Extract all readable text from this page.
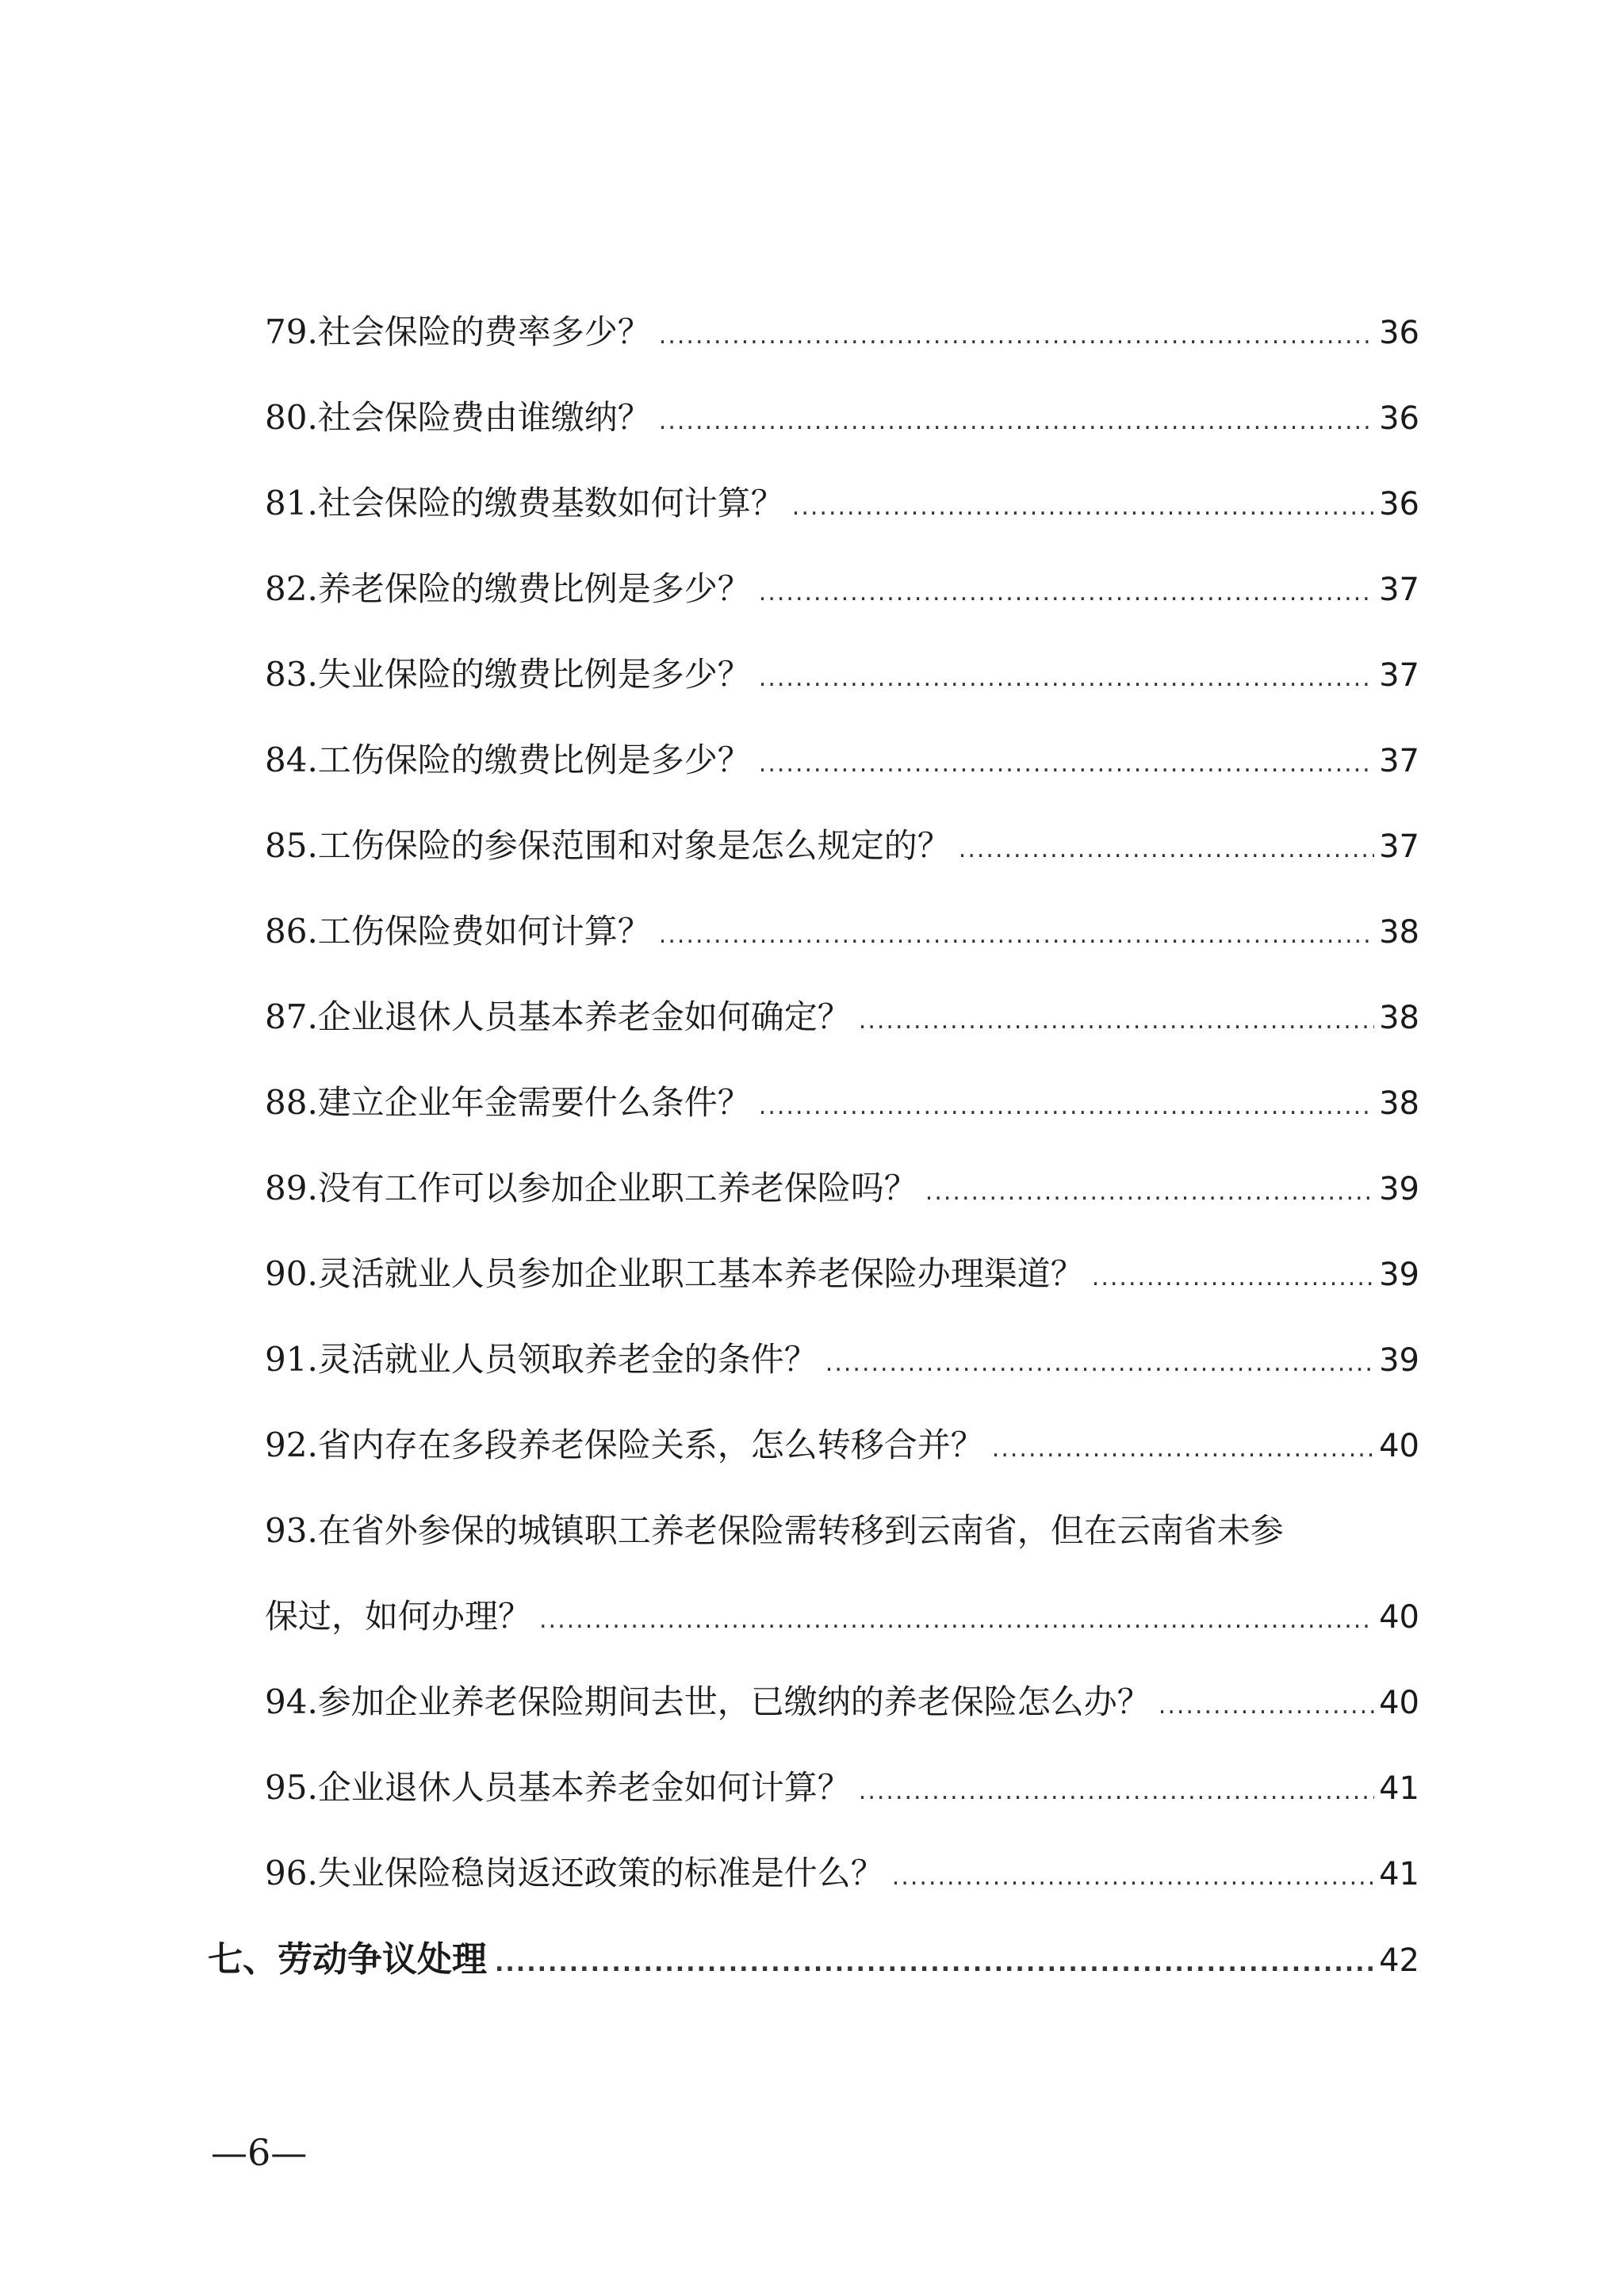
79.社会保险的费率多少？ .....	36
80.社会保险费由谁缴纳？ .....	36
81.社会保险的缴费基数如何计算？ .....	36
82.养老保险的缴费比例是多少？ .....	37
83.失业保险的缴费比例是多少？ .....	37
84.工伤保险的缴费比例是多少？ .....	37
85.工伤保险的参保范围和对象是怎么规定的？ .....	37
86.工伤保险费如何计算？ .....	38
87.企业退休人员基本养老金如何确定？ .....	38
88.建立企业年金需要什么条件？ .....	38
89.没有工作可以参加企业职工养老保险吗？ .....	39
90.灵活就业人员参加企业职工基本养老保险办理渠道？ .....	39
91.灵活就业人员领取养老金的条件？ .....	39
92.省内存在多段养老保险关系，怎么转移合并？ .....	40
93.在省外参保的城镇职工养老保险需转移到云南省，但在云南省未参
保过，如何办理？ .....	40
94.参加企业养老保险期间去世，已缴纳的养老保险怎么办？ .....	40
95.企业退休人员基本养老金如何计算？ .....	41
96.失业保险稳岗返还政策的标准是什么？ .....	41
七、劳动争议处理 .....	42
—6—
